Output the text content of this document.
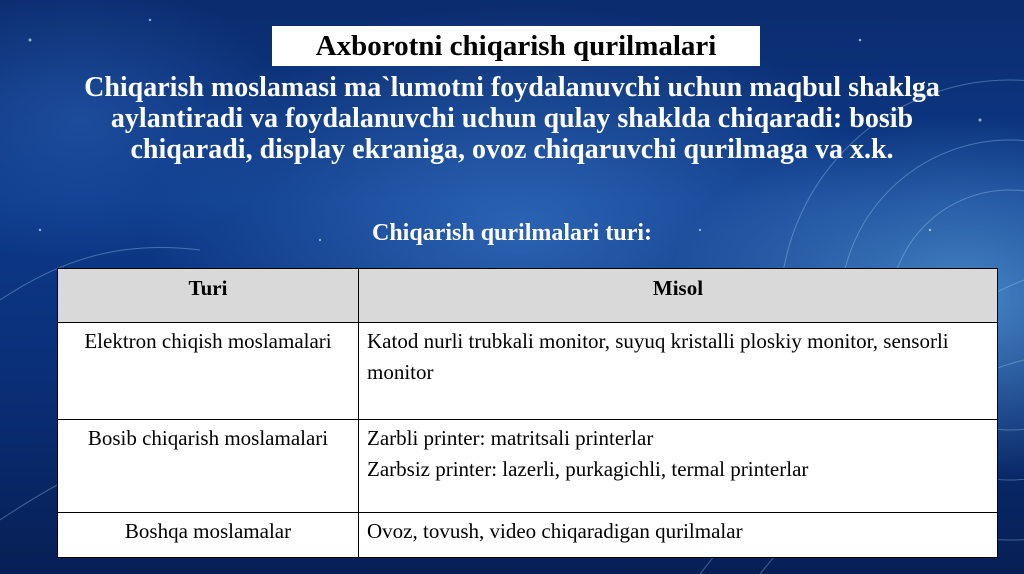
Axborotni chiqarish qurilmalari
Chiqarish moslamasi ma`lumotni foydalanuvchi uchun maqbul shaklga aylantiradi va foydalanuvchi uchun qulay shaklda chiqaradi: bosib chiqaradi, display ekraniga, ovoz chiqaruvchi qurilmaga va x.k.
Chiqarish qurilmalari turi:
Turi	Misol
Elektron chiqish moslamalari	Katod nurli trubkali monitor, suyuq kristalli ploskiy monitor, sensorli monitor

Bosib chiqarish moslamalari	Zarbli printer: matritsali printerlar
Zarbsiz printer: lazerli, purkagichli, termal printerlar

Boshqa moslamalar	Ovoz, tovush, video chiqaradigan qurilmalar
